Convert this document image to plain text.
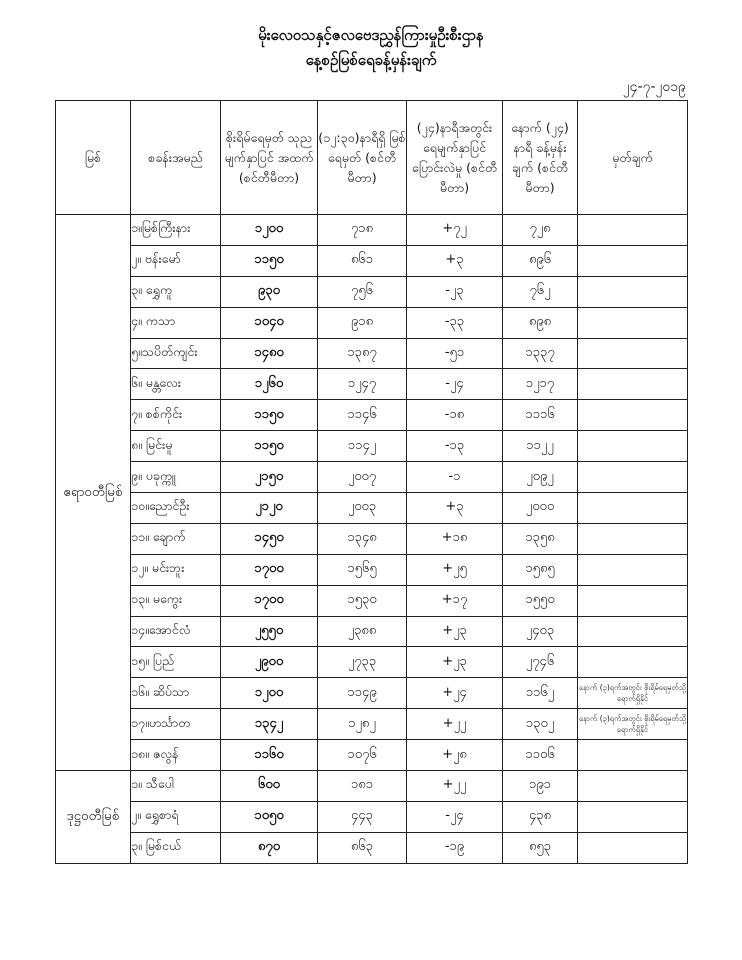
မိုးလေဝသနှင့်ဇလဗေဒညွှန်ကြားမှုဦးစီးဌာန
နေ့စဉ်မြစ်ရေခန့်မှန်းချက်
၂၄-၇-၂၀၁၉
မြစ်	စခန်းအမည်	စိုးရိမ်ရေမှတ် သုညမျက်နှာပြင် အထက် (စင်တီမီတာ)	(၁၂:၃၀)နာရီရှိ မြစ်ရေမှတ် (စင်တီမီတာ)	(၂၄)နာရီအတွင်း ရေမျက်နှာပြင် ပြောင်းလဲမှု (စင်တီမီတာ)	နောက် (၂၄) နာရီ ခန့်မှန်းချက် (စင်တီမီတာ)	မှတ်ချက်
ဧရာဝတီမြစ်	၁။မြစ်ကြီးနား	၁၂၀၀	၇၁၈	+၇၂	၇၂၈	
	၂။ ဗန်းမော်	၁၁၅၀	၈၆၁	+၃	၈၉၆	
	၃။ ရွှေကူ	၉၃၀	၇၅၆	-၂၃	၇၆၂	
	၄။ ကသာ	၁၀၄၀	၉၁၈	-၃၃	၈၉၈	
	၅။သပိတ်ကျင်း	၁၄၈၀	၁၃၈၇	-၅၁	၁၃၃၇	
	၆။ မန္တလေး	၁၂၆၀	၁၂၄၇	-၂၄	၁၂၁၇	
	၇။ စစ်ကိုင်း	၁၁၅၀	၁၁၄၆	-၁၈	၁၁၁၆	
	၈။ မြင်းမူ	၁၁၅၀	၁၁၄၂	-၁၃	၁၁၂၂	
	၉။ ပခုက္ကူ	၂၁၅၀	၂၀၀၇	-၁	၂၀၉၂	
	၁၀။ညောင်ဦး	၂၁၂၀	၂၀၀၃	+၃	၂၀၀၀	
	၁၁။ ချောက်	၁၄၅၀	၁၃၄၈	+၁၈	၁၃၅၈	
	၁၂။ မင်းဘူး	၁၇၀၀	၁၅၆၅	+၂၅	၁၅၈၅	
	၁၃။ မကွေး	၁၇၀၀	၁၅၃၀	+၁၇	၁၅၅၀	
	၁၄။အောင်လံ	၂၅၅၀	၂၃၈၈	+၂၃	၂၄၀၃	
	၁၅။ ပြည်	၂၉၀၀	၂၇၃၃	+၂၃	၂၇၄၆	
	၁၆။ ဆိပ်သာ	၁၂၀၀	၁၁၄၉	+၂၄	၁၁၆၂	နောက် (၃)ရက်အတွင်း စိုးရိမ်ရေမှတ်သို့ ရောက်ရှိနိုင်
	၁၇။ဟင်္သာတ	၁၃၄၂	၁၂၈၂	+၂၂	၁၃၀၂	နောက် (၃)ရက်အတွင်း စိုးရိမ်ရေမှတ်သို့ ရောက်ရှိနိုင်
	၁၈။ ဇလွန်	၁၁၆၀	၁၀၇၆	+၂၈	၁၁၀၆	
ဒုဋ္ဌဝတီမြစ်	၁။ သီပေါ	၆၀၀	၁၈၁	+၂၂	၁၉၁	
	၂။ ရွှေစာရံ	၁၀၅၀	၄၄၃	-၂၄	၄၃၈	
	၃။ မြစ်ငယ်	၈၇၀	၈၆၃	-၁၉	၈၅၃	
